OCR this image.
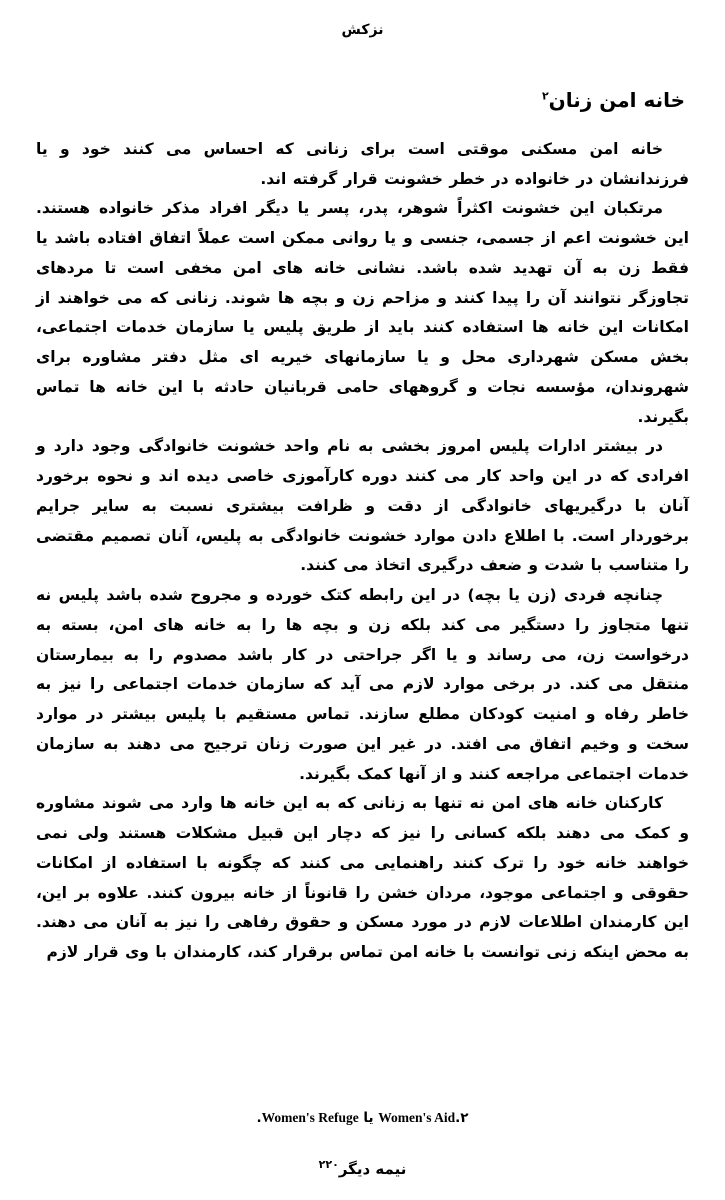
نزکش
خانه امن زنان$^۲$

خانه امن مسکنی موقتی است برای زنانی که احساس می کنند خود و یا فرزندانشان در خانواده در خطر خشونت قرار گرفته اند.

مرتکبان این خشونت اکثراً شوهر، پدر، پسر یا دیگر افراد مذکر خانواده هستند. این خشونت اعم از جسمی، جنسی و یا روانی ممکن است عملاً اتفاق افتاده باشد یا فقط زن به آن تهدید شده باشد. نشانی خانه های امن مخفی است تا مردهای تجاوزگر نتوانند آن را پیدا کنند و مزاحم زن و بچه ها شوند. زنانی که می خواهند از امکانات این خانه ها استفاده کنند باید از طریق پلیس یا سازمان خدمات اجتماعی، بخش مسکن شهرداری محل و یا سازمانهای خیریه ای مثل دفتر مشاوره برای شهروندان، مؤسسه نجات و گروههای حامی قربانیان حادثه با این خانه ها تماس بگیرند.

در بیشتر ادارات پلیس امروز بخشی به نام واحد خشونت خانوادگی وجود دارد و افرادی که در این واحد کار می کنند دوره کارآموزی خاصی دیده اند و نحوه برخورد آنان با درگیریهای خانوادگی از دقت و ظرافت بیشتری نسبت به سایر جرایم برخوردار است. با اطلاع دادن موارد خشونت خانوادگی به پلیس، آنان تصمیم مقتضی را متناسب با شدت و ضعف درگیری اتخاذ می کنند.

چنانچه فردی (زن یا بچه) در این رابطه کتک خورده و مجروح شده باشد پلیس نه تنها متجاوز را دستگیر می کند بلکه زن و بچه ها را به خانه های امن، بسته به درخواست زن، می رساند و یا اگر جراحتی در کار باشد مصدوم را به بیمارستان منتقل می کند. در برخی موارد لازم می آید که سازمان خدمات اجتماعی را نیز به خاطر رفاه و امنیت کودکان مطلع سازند. تماس مستقیم با پلیس بیشتر در موارد سخت و وخیم اتفاق می افتد. در غیر این صورت زنان ترجیح می دهند به سازمان خدمات اجتماعی مراجعه کنند و از آنها کمک بگیرند.

کارکنان خانه های امن نه تنها به زنانی که به این خانه ها وارد می شوند مشاوره و کمک می دهند بلکه کسانی را نیز که دچار این قبیل مشکلات هستند ولی نمی خواهند خانه خود را ترک کنند راهنمایی می کنند که چگونه با استفاده از امکانات حقوقی و اجتماعی موجود، مردان خشن را قانوناً از خانه بیرون کنند. علاوه بر این، این کارمندان اطلاعات لازم در مورد مسکن و حقوق رفاهی را نیز به آنان می دهند. به محض اینکه زنی توانست با خانه امن تماس برقرار کند، کارمندان با وی قرار لازم

۲.Women's Aid یا Women's Refuge.
نیمه دیگر$^{۲۲۰}$
